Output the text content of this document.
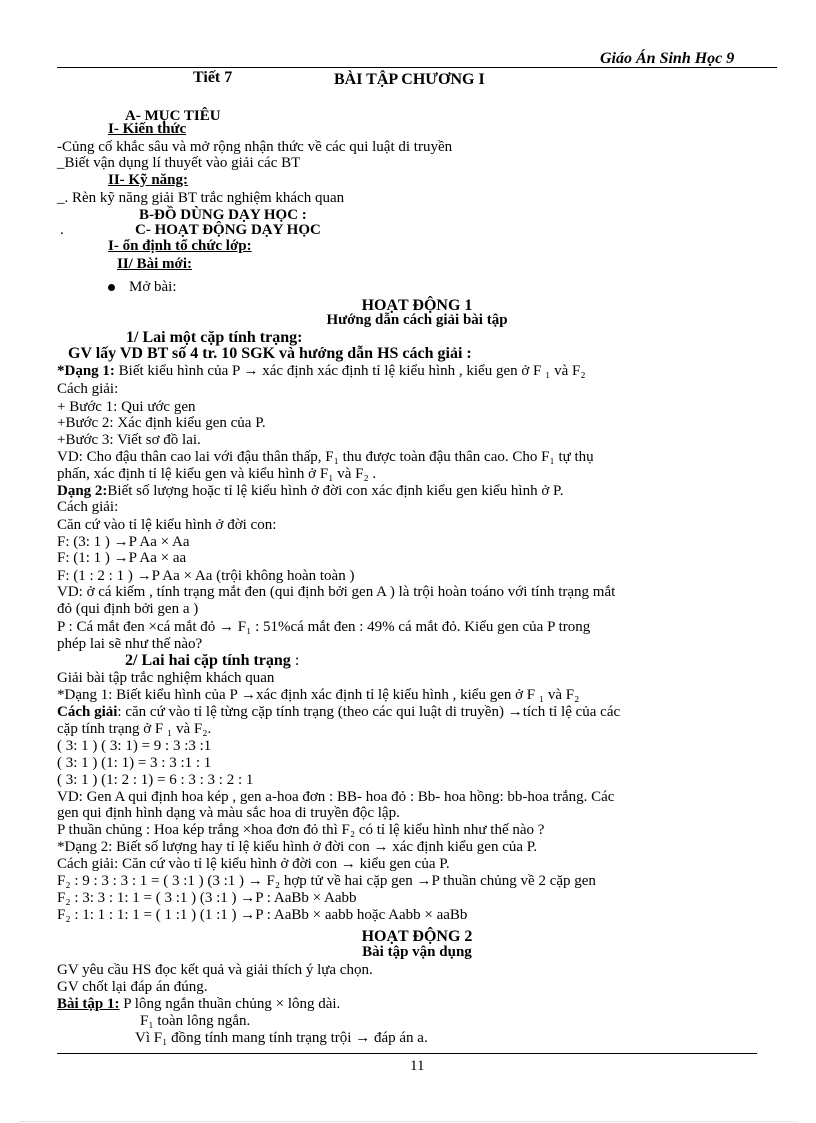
Giáo Án Sinh Học 9
Tiết 7	BÀI TẬP CHƯƠNG I
A- MỤC TIÊU
I- Kiến thức
-Củng cố khắc sâu và mở rộng nhận thức về các qui luật di truyền
_Biết vận dụng lí thuyết vào giải các BT
II- Kỹ năng:
_. Rèn kỹ năng giải BT trắc nghiệm khách quan
B-ĐỒ DÙNG DẠY HỌC :
.	C- HOẠT ĐỘNG DẠY HỌC
I- ổn định tổ chức lớp:
II/ Bài mới:
Mở bài:
HOẠT ĐỘNG 1
Hướng dẫn cách giải bài tập
1/ Lai một cặp tính trạng:
GV lấy VD BT số 4 tr. 10 SGK và hướng dẫn HS cách giải :
*Dạng 1: Biết kiểu hình của P → xác định xác định tỉ lệ kiểu hình , kiểu gen ở F ₁ và F₂
Cách giải:
+ Bước 1: Qui ước gen
+Bước 2: Xác định kiểu gen của P.
+Bước 3: Viết sơ đồ lai.
VD: Cho đậu thân cao lai với đậu thân thấp, F₁ thu được toàn đậu thân cao. Cho F₁ tự thụ
phấn, xác định tỉ lệ kiểu gen và kiểu hình ở F₁ và F₂ .
Dạng 2:Biết số lượng hoặc tỉ lệ kiểu hình ở đời con xác định kiểu gen kiểu hình ở P.
Cách giải:
Căn cứ vào tỉ lệ kiểu hình ở đời con:
F: (3: 1 ) →P Aa × Aa
F: (1: 1 ) →P Aa × aa
F: (1 : 2 : 1 ) →P Aa × Aa (trội không hoàn toàn )
VD: ở cá kiếm , tính trạng mắt đen (qui định bởi gen A ) là trội hoàn toáno với tính trạng mắt
đỏ (qui định bởi gen a )
P : Cá mắt đen ×cá mắt đỏ → F₁ : 51%cá mắt đen : 49% cá mắt đỏ. Kiểu gen của P trong
phép lai sẽ như thế nào?
2/ Lai hai cặp tính trạng :
Giải bài tập trắc nghiệm khách quan
*Dạng 1: Biết kiểu hình của P →xác định xác định tỉ lệ kiểu hình , kiểu gen ở F ₁ và F₂
Cách giải: căn cứ vào tỉ lệ từng cặp tính trạng (theo các qui luật di truyền) →tích tỉ lệ của các
cặp tính trạng ở F ₁ và F₂.
( 3: 1 ) ( 3: 1) = 9 : 3 :3 :1
( 3: 1 ) (1: 1) = 3 : 3 :1 : 1
( 3: 1 ) (1: 2 : 1) = 6 : 3 : 3 : 2 : 1
VD: Gen A qui định hoa kép , gen a-hoa đơn : BB- hoa đỏ : Bb- hoa hồng: bb-hoa trắng. Các
gen qui định hình dạng và màu sắc hoa di truyền độc lập.
P thuần chủng : Hoa kép trắng ×hoa đơn đỏ thì F₂ có tỉ lệ kiểu hình như thế nào ?
*Dạng 2: Biết số lượng hay tỉ lệ kiểu hình ở đời con → xác định kiểu gen của P.
Cách giải: Căn cứ vào tỉ lệ kiểu hình ở đời con → kiểu gen của P.
F₂ : 9 : 3 : 3 : 1 = ( 3 :1 ) (3 :1 ) → F₂ hợp tử về hai cặp gen →P thuần chủng về 2 cặp gen
F₂ : 3: 3 : 1: 1 = ( 3 :1 ) (3 :1 ) →P : AaBb × Aabb
F₂ : 1: 1 : 1: 1 = ( 1 :1 ) (1 :1 ) →P : AaBb × aabb hoặc Aabb × aaBb
HOẠT ĐỘNG 2
Bài tập vận dụng
GV yêu cầu HS đọc kết quả và giải thích ý lựa chọn.
GV chốt lại đáp án đúng.
Bài tập 1: P lông ngắn thuần chủng × lông dài.
F₁ toàn lông ngắn.
Vì F₁ đồng tính mang tính trạng trội → đáp án a.
11
